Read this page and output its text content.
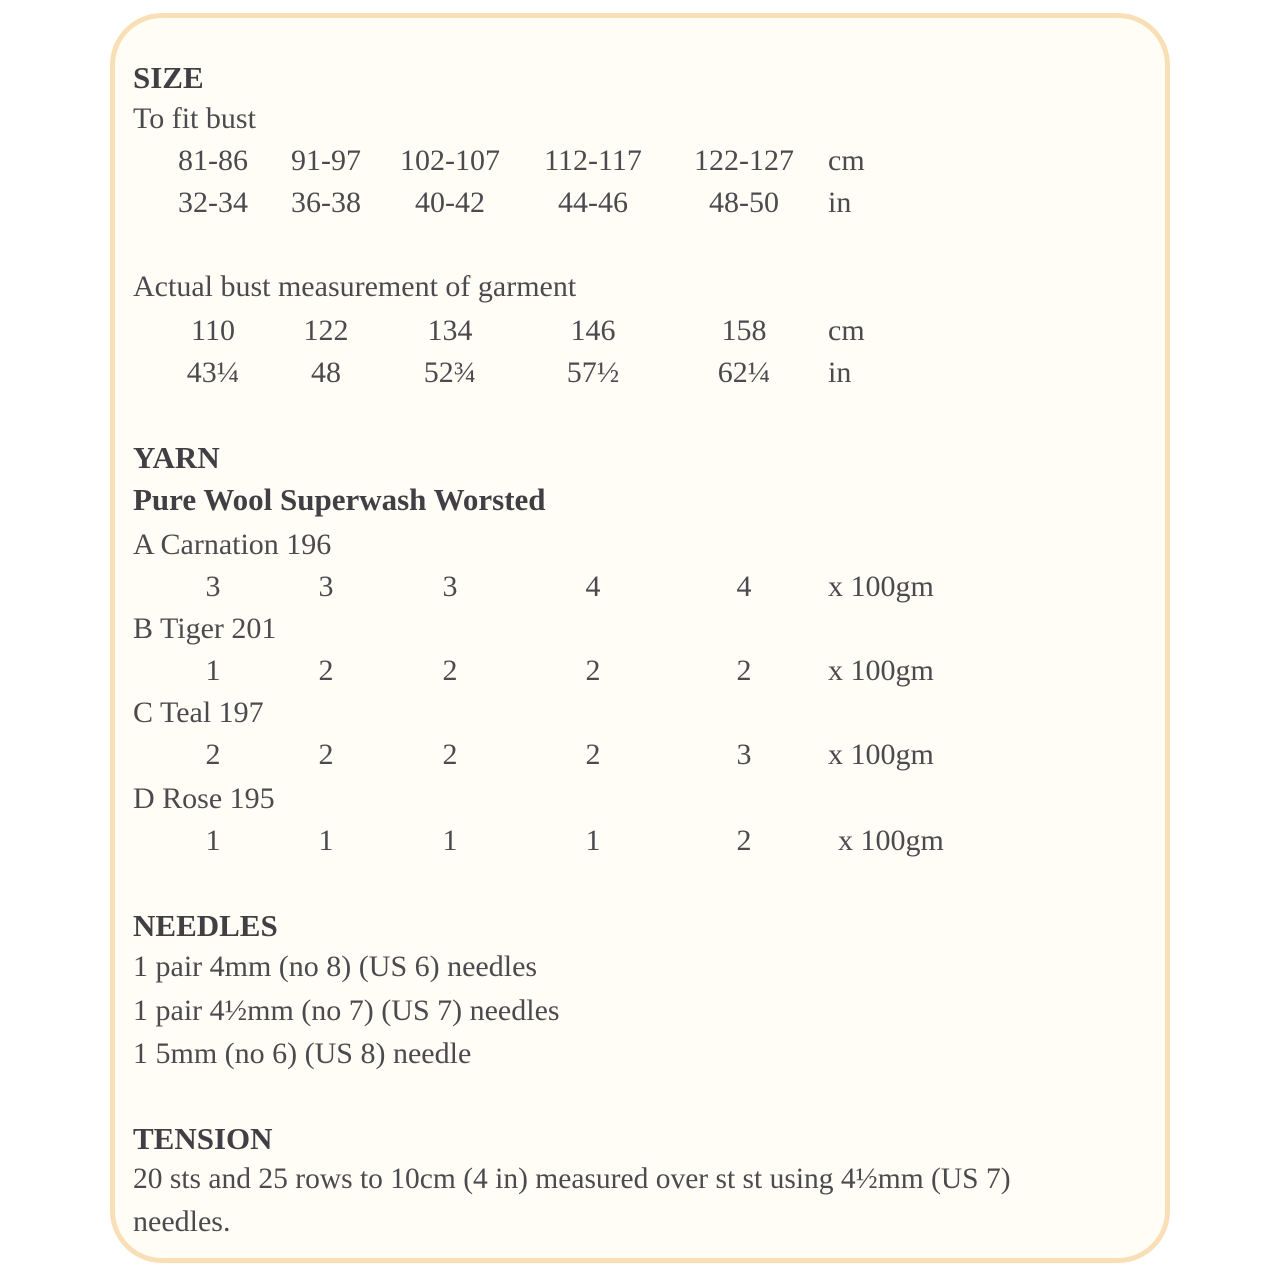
SIZE
To fit bust
81-86 91-97 102-107 112-117 122-127 cm
32-34 36-38 40-42 44-46	48-50 in
Actual bust measurement of garment
110 122	134	146	158 cm
43¼ 48	52¾	57½	62¼ in
YARN
Pure Wool Superwash Worsted
A Carnation 196
3	3	3	4	4	x 100gm
B Tiger 201
1	2	2	2	2	x 100gm
C Teal 197
2	2	2	2	3	x 100gm
D Rose 195
1	1	1	1	2	x 100gm
NEEDLES
1 pair 4mm (no 8) (US 6) needles
1 pair 4½mm (no 7) (US 7) needles
1 5mm (no 6) (US 8) needle
TENSION
20 sts and 25 rows to 10cm (4 in) measured over st st using 4½mm (US 7)
needles.
